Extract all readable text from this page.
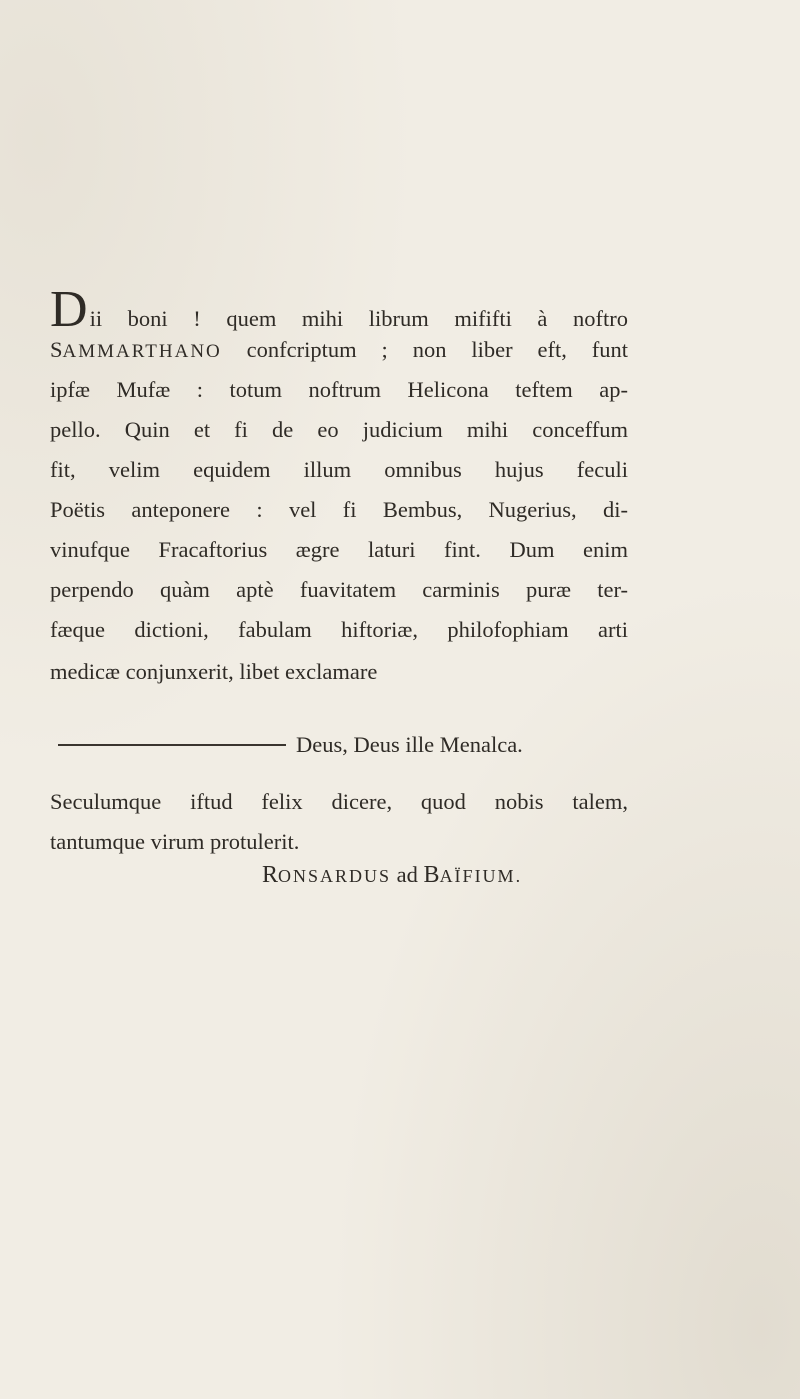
Dii boni ! quem mihi librum mififti à noftro
SAMMARTHANO confcriptum ; non liber eft, funt
ipfæ Mufæ : totum noftrum Helicona teftem ap-
pello. Quin et fi de eo judicium mihi conceffum
fit, velim equidem illum omnibus hujus feculi
Poëtis anteponere : vel fi Bembus, Nugerius, di-
vinufque Fracaftorius ægre laturi fint. Dum enim
perpendo quàm aptè fuavitatem carminis puræ ter-
fæque dictioni, fabulam hiftoriæ, philofophiam arti
medicæ conjunxerit, libet exclamare
Deus, Deus ille Menalca.
Seculumque iftud felix dicere, quod nobis talem,
tantumque virum protulerit.
RONSARDUS ad BAÏFIUM.
